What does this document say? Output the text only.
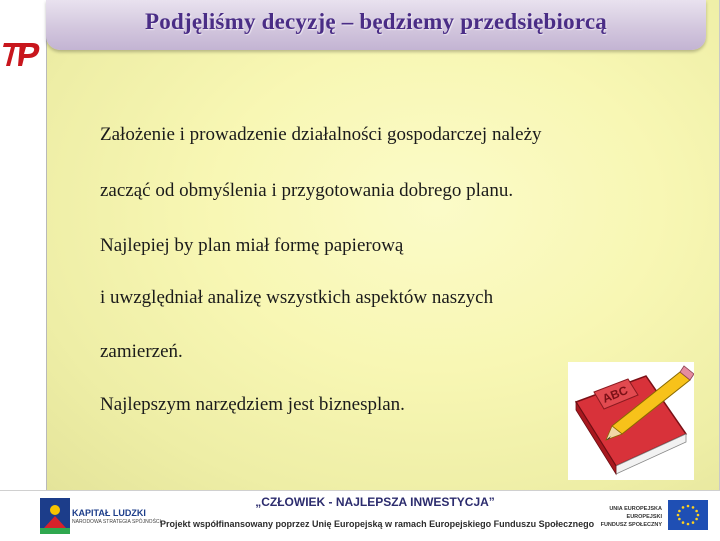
Podjęliśmy decyzję – będziemy przedsiębiorcą
Założenie i prowadzenie działalności gospodarczej należy
zacząć od obmyślenia i przygotowania dobrego planu.
Najlepiej by plan miał formę papierową
i uwzględniał analizę wszystkich aspektów naszych
zamierzeń.
Najlepszym narzędziem jest biznesplan.	ABC
KAPITAŁ LUDZKI
NARODOWA STRATEGIA SPÓJNOŚCI
„CZŁOWIEK - NAJLEPSZA INWESTYCJA”
Projekt współfinansowany poprzez Unię Europejską w ramach Europejskiego Funduszu Społecznego
UNIA EUROPEJSKA
EUROPEJSKI
FUNDUSZ SPOŁECZNY
